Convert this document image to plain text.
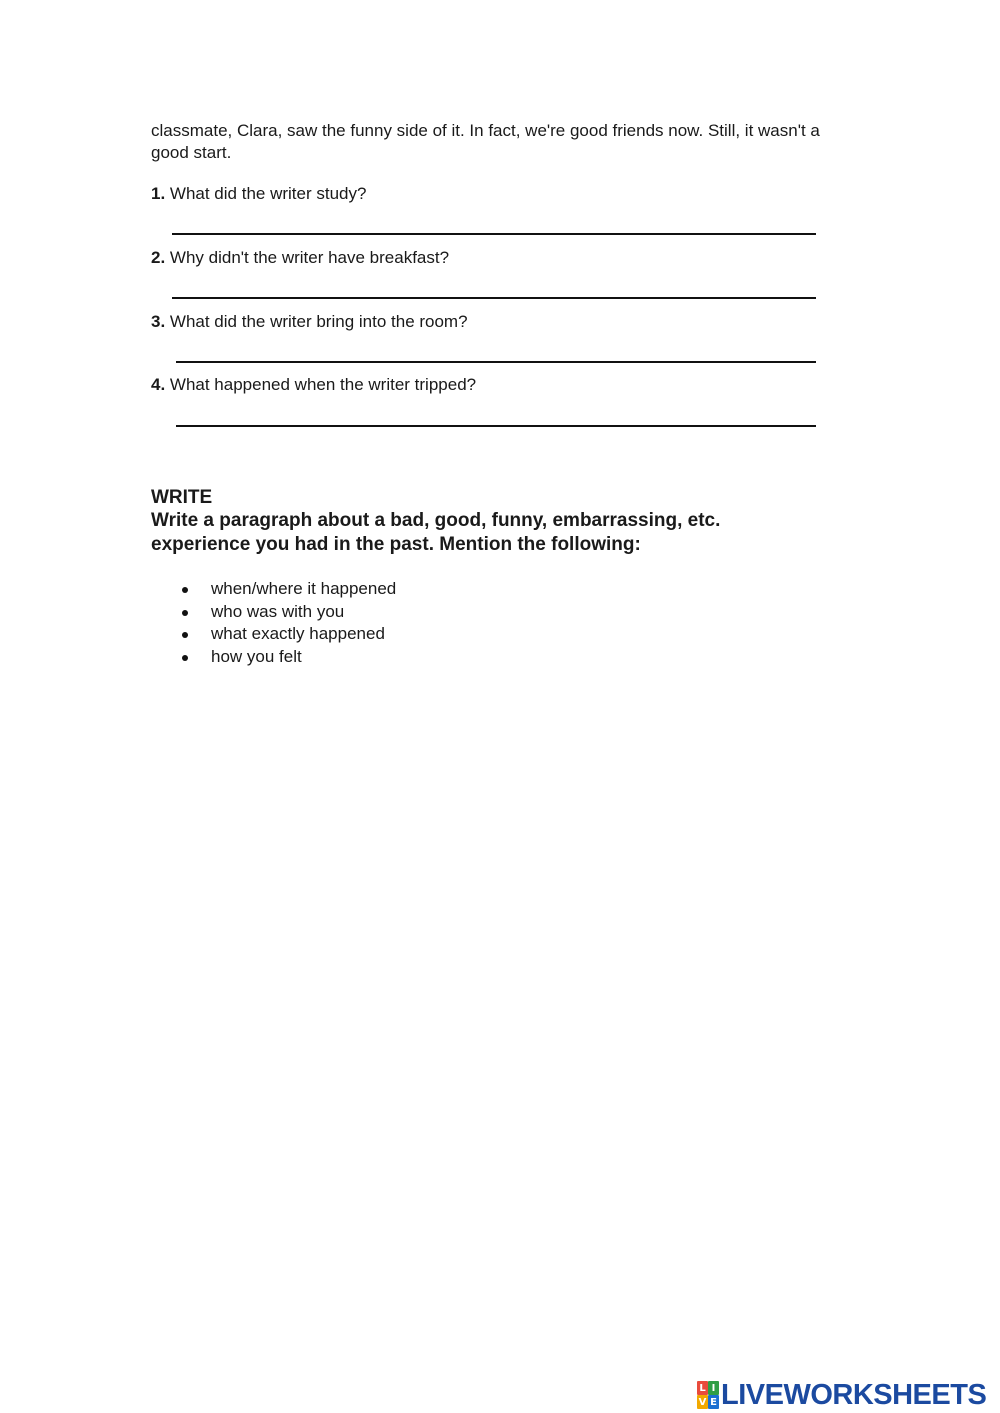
classmate, Clara, saw the funny side of it. In fact, we're good friends now. Still, it wasn't a good start.
1. What did the writer study?
2. Why didn't the writer have breakfast?
3. What did the writer bring into the room?
4. What happened when the writer tripped?
WRITE
Write a paragraph about a bad, good, funny, embarrassing, etc. experience you had in the past. Mention the following:
when/where it happened
who was with you
what exactly happened
how you felt
L I
V E LIVEWORKSHEETS
